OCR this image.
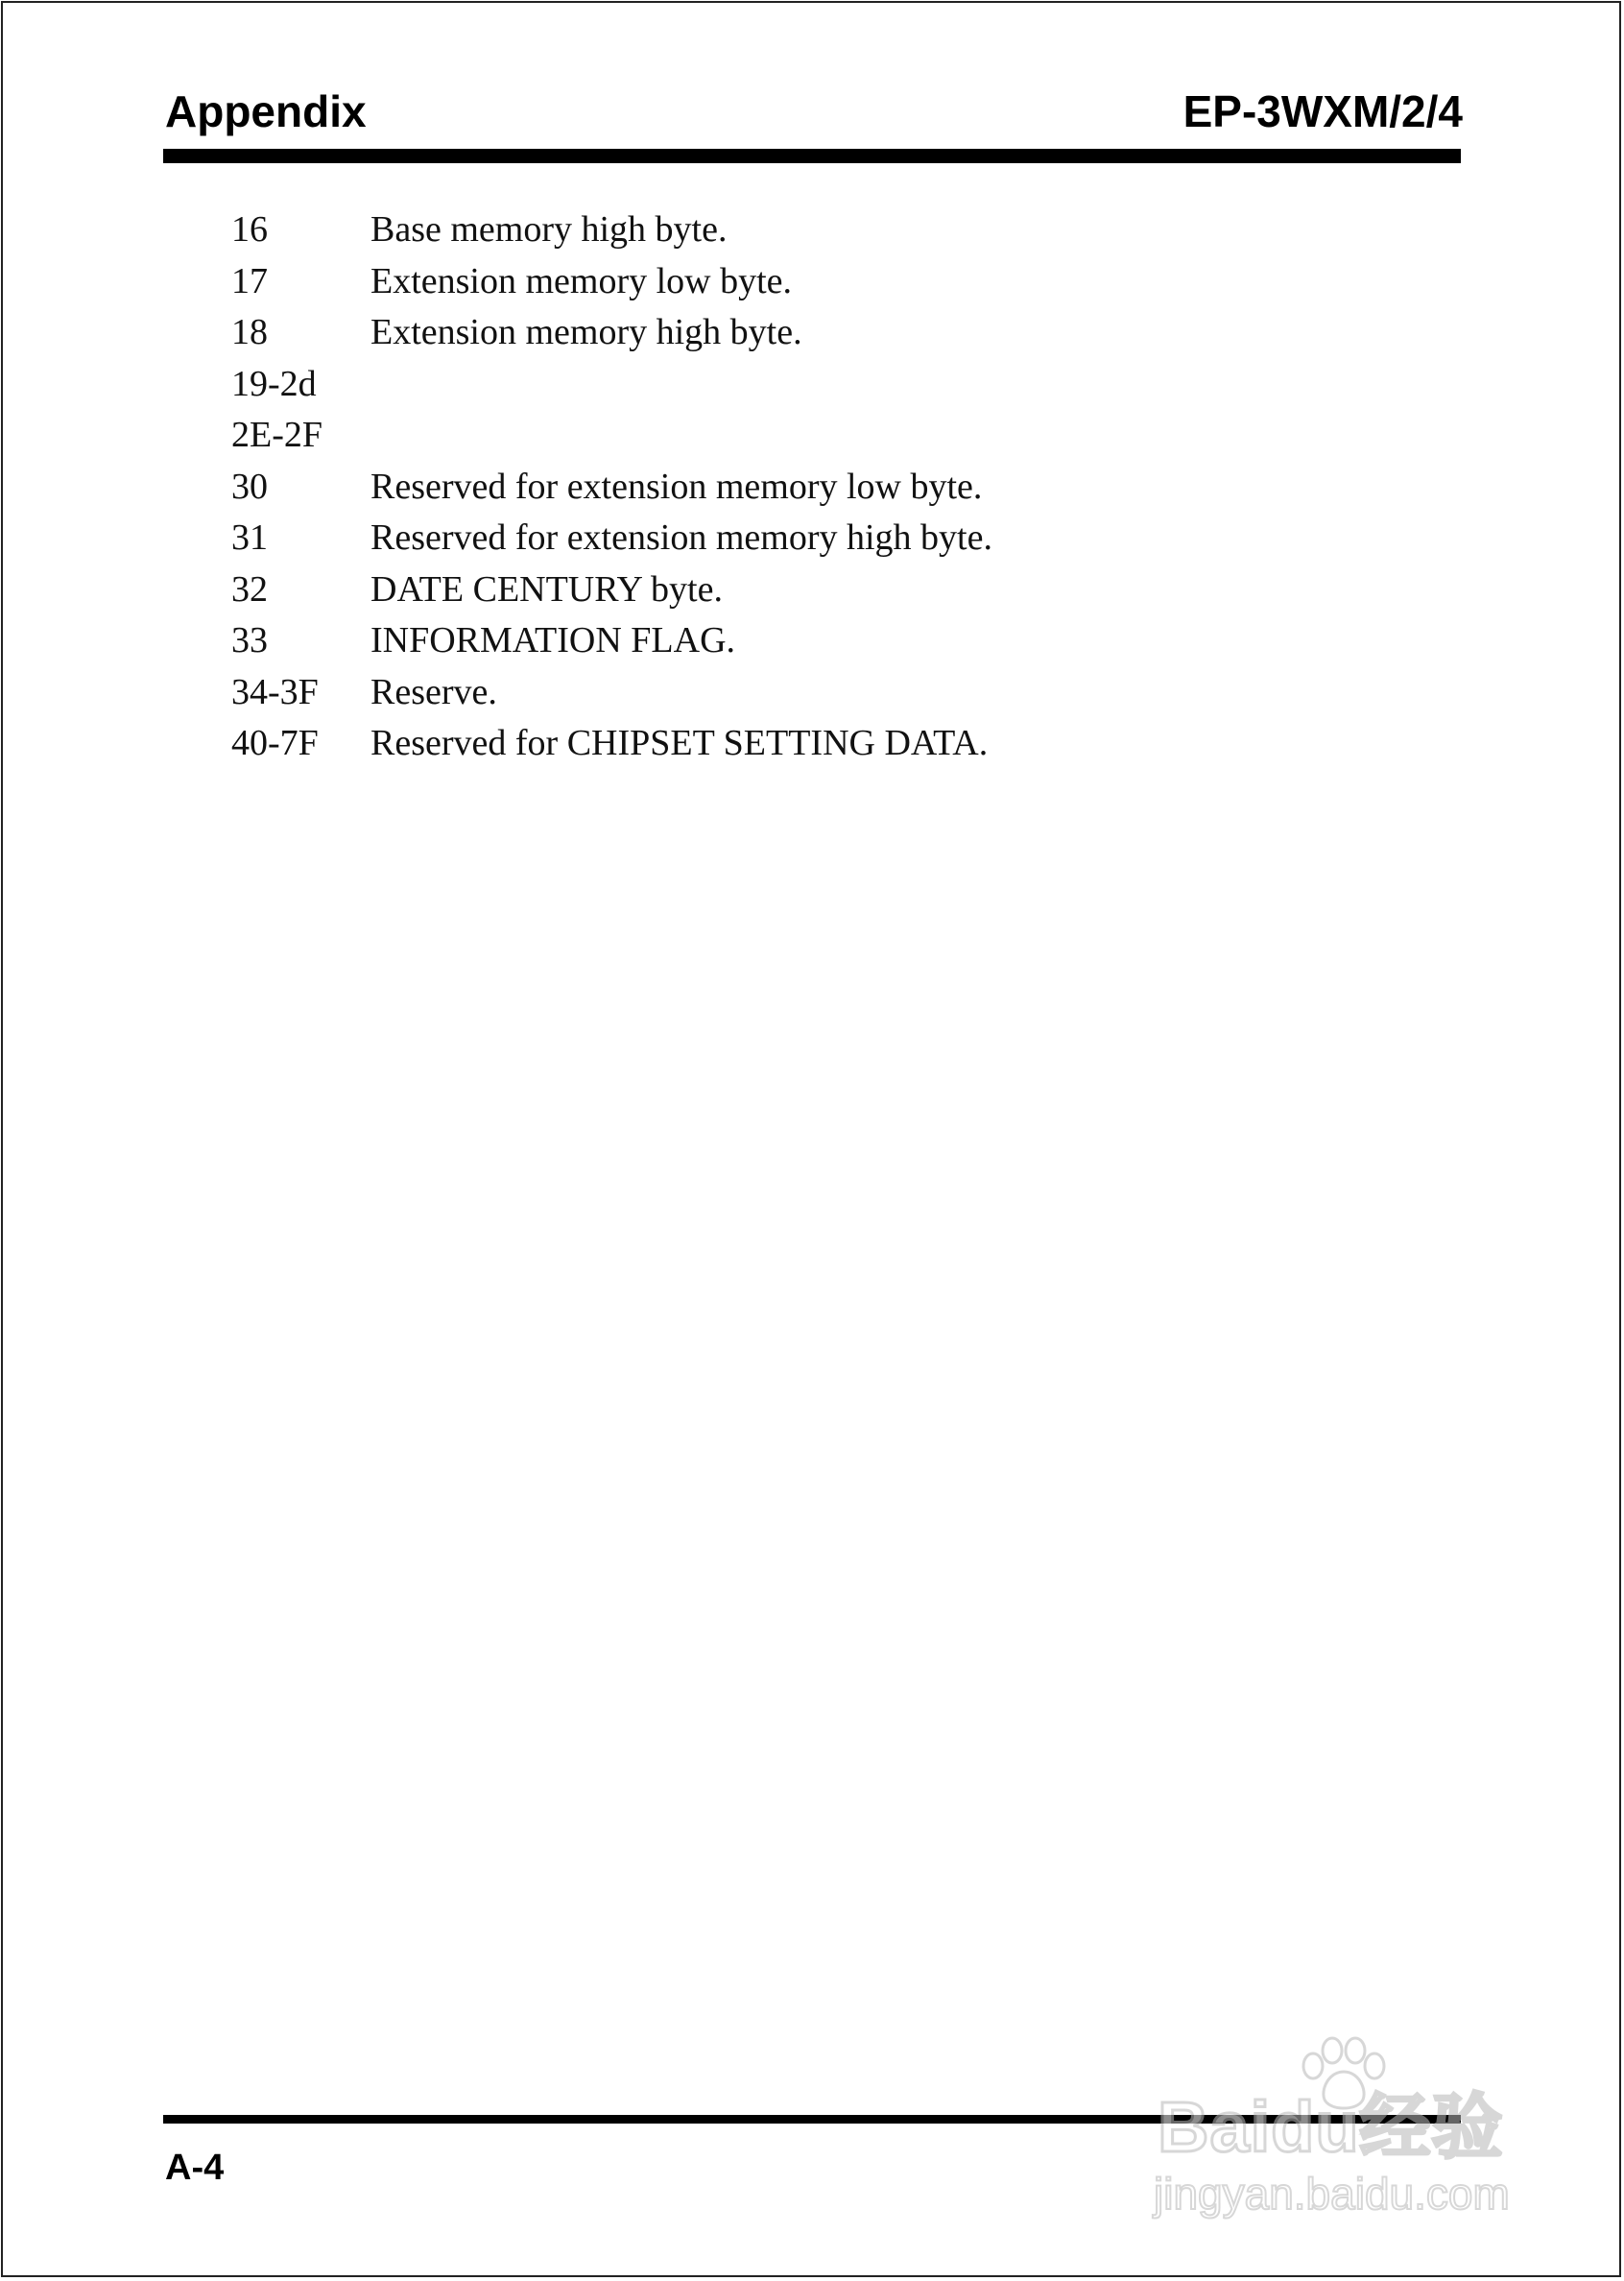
Appendix	EP-3WXM/2/4
16	Base memory high byte.
17	Extension memory low byte.
18	Extension memory high byte.
19-2d
2E-2F
30	Reserved for extension memory low byte.
31	Reserved for extension memory high byte.
32	DATE CENTURY byte.
33	INFORMATION FLAG.
34-3F	Reserve.
40-7F	Reserved for CHIPSET SETTING DATA.
A-4
Baidu经验
jingyan.baidu.com
